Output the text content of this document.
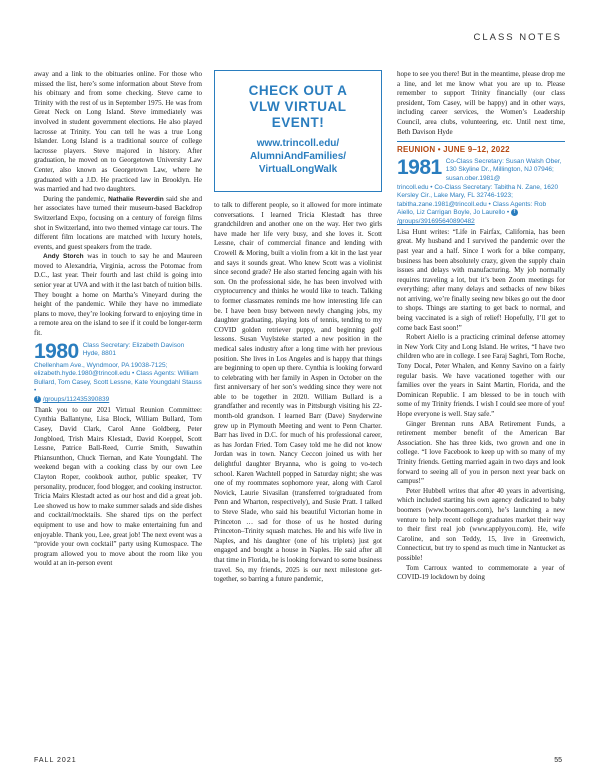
CLASS NOTES

away and a link to the obituaries online. For those who missed the list, here’s some information about Steve from his obituary and from some checking. Steve came to Trinity with the rest of us in September 1975. He was from Great Neck on Long Island. Steve immediately was involved in student government elections. He also played lacrosse at Trinity. You can tell he was a true Long Islander. Long Island is a traditional source of college lacrosse players. Steve majored in history. After graduation, he moved on to Georgetown University Law Center, also known as Georgetown Law, where he graduated with a J.D. He practiced law in Brooklyn. He was married and had two daughters.

During the pandemic, Nathalie Reverdin said she and her associates have turned their museum-based Backdrop Switzerland Expo, focusing on a century of foreign films shot in Switzerland, into two themed vintage car tours. The different film locations are matched with luxury hotels, events, and guest speakers from the trade.

Andy Storch was in touch to say he and Maureen moved to Alexandria, Virginia, across the Potomac from D.C., last year. Their fourth and last child is going into senior year at UVA and with it the last batch of tuition bills. They bought a home on Martha’s Vineyard during the height of the pandemic. While they have no immediate plans to move, they’re looking forward to enjoying time in a remote area on the island to see if it could be longer-term fit.

1980 Class Secretary: Elizabeth Davison Hyde, 8801
Chellenham Ave., Wyndmoor, PA 19038-7125; elizabeth.hyde.1980@trincoll.edu • Class Agents: William Bullard, Tom Casey, Scott Lessne, Kate Youngdahl Stauss •
f /groups/112435390839

Thank you to our 2021 Virtual Reunion Committee: Cynthia Ballantyne, Lisa Block, William Bullard, Tom Casey, David Clark, Carol Anne Goldberg, Peter Jongbloed, Trish Mairs Klestadt, David Koeppel, Scott Lessne, Patrice Ball-Reed, Currie Smith, Suwathin Phiansunthon, Chuck Tiernan, and Kate Youngdahl. The weekend began with a cooking class by our own Lee Clayton Roper, cookbook author, public speaker, TV personality, producer, food blogger, and cooking instructor. Tricia Mairs Klestadt acted as our host and did a great job. Lee showed us how to make summer salads and side dishes and cocktail/mocktails. She shared tips on the perfect equipment to use and how to make entertaining fun and enjoyable. Thank you, Lee, great job! The next event was a “provide your own cocktail” party using Kumospace. The program allowed you to move about the room like you would at an in-person event

CHECK OUT A
VLW VIRTUAL
EVENT!
www.trincoll.edu/
AlumniAndFamilies/
VirtualLongWalk

to talk to different people, so it allowed for more intimate conversations. I learned Tricia Klestadt has three grandchildren and another one on the way. Her two girls have made her life very busy, and she loves it. Scott Lessne, chair of commercial finance and lending with Crowell & Moring, built a violin from a kit in the last year and says it sounds great. Who knew Scott was a violinist since second grade? He also started fencing again with his son. On the professional side, he has been involved with cryptocurrency and thinks he would like to teach. Talking to former classmates reminds me how interesting life can be. I have been busy between newly changing jobs, my daughter graduating, playing lots of tennis, tending to my COVID golden retriever puppy, and beginning golf lessons. Susan Vuylsteke started a new position in the medical sales industry after a long time with her previous position. She lives in Los Angeles and is happy that things are beginning to open up there. Cynthia is looking forward to celebrating with her family in Aspen in October on the first anniversary of her son’s wedding since they were not able to be together in 2020. William Bullard is a grandfather and recently was in Pittsburgh visiting his 22-month-old grandson. I learned Barr (Dave) Snyderwine grew up in Plymouth Meeting and went to Penn Charter. Barr has lived in D.C. for much of his professional career, as has Jordan Fried. Tom Casey told me he did not know Jordan was in town. Nancy Ceccon joined us with her delightful daughter Bryanna, who is going to vo-tech school. Karen Wachtell popped in Saturday night; she was one of my roommates sophomore year, along with Carol Novick, Laurie Sivasilan (transferred to/graduated from Penn and Wharton, respectively), and Susie Pratt. I talked to Steve Slade, who said his beautiful Victorian home in Princeton … sad for those of us he hosted during Princeton–Trinity squash matches. He and his wife live in Naples, and his daughter (one of his triplets) just got engaged and bought a house in Naples. He said after all that time in Florida, he is looking forward to some business travel. So, my friends, 2025 is our next milestone get-together, so barring a future pandemic,

hope to see you there! But in the meantime, please drop me a line, and let me know what you are up to. Please remember to support Trinity financially (our class president, Tom Casey, will be happy) and in other ways, including career services, the Women’s Leadership Council, area clubs, volunteering, etc. Until next time, Beth Davison Hyde

REUNION • JUNE 9–12, 2022
1981 Co-Class Secretary: Susan Walsh Ober, 130 Skyline Dr., Millington, NJ 07946; susan.ober.1981@
trincoll.edu • Co-Class Secretary: Tabitha N. Zane, 1620 Kersley Cir., Lake Mary, FL 32746-1923; tabitha.zane.1981@trincoll.edu • Class Agents: Rob Aiello, Liz Carrigan Boyle, Jo Laurello • f /groups/391695640890482

Lisa Hunt writes: “Life in Fairfax, California, has been great. My husband and I survived the pandemic over the past year and a half. Since I work for a bike company, business has been absolutely crazy, given the supply chain issues and delays with manufacturing. My job normally requires traveling a lot, but it’s been Zoom meetings for everything; after many delays and setbacks of new bikes not arriving, we’re finally seeing new bikes go out the door to shops. Things are starting to get back to normal, and being vaccinated is a sigh of relief! Hopefully, I’ll get to come back East soon!”

Robert Aiello is a practicing criminal defense attorney in New York City and Long Island. He writes, “I have two children who are in college. I see Faraj Saghri, Tom Roche, Tony Docal, Peter Whalen, and Kenny Savino on a fairly regular basis. We have vacationed together with our families over the years in Saint Martin, Florida, and the Dominican Republic. I am blessed to be in touch with some of my Trinity friends. I wish I could see more of you! Hope everyone is well. Stay safe.”

Ginger Brennan runs ABA Retirement Funds, a retirement member benefit of the American Bar Association. She has three kids, two grown and one in college. “I love Facebook to keep up with so many of my Trinity friends. Getting married again in two days and look forward to seeing all of you in person next year back on campus!”

Peter Hubbell writes that after 40 years in advertising, which included starting his own agency dedicated to baby boomers (www.boomagers.com), he’s launching a new venture to help recent college graduates market their way to their first real job (www.applyyou.com). He, wife Caroline, and son Teddy, 15, live in Greenwich, Connecticut, but try to spend as much time in Nantucket as possible!

Tom Carroux wanted to commemorate a year of COVID-19 lockdown by doing

FALL 2021	55
